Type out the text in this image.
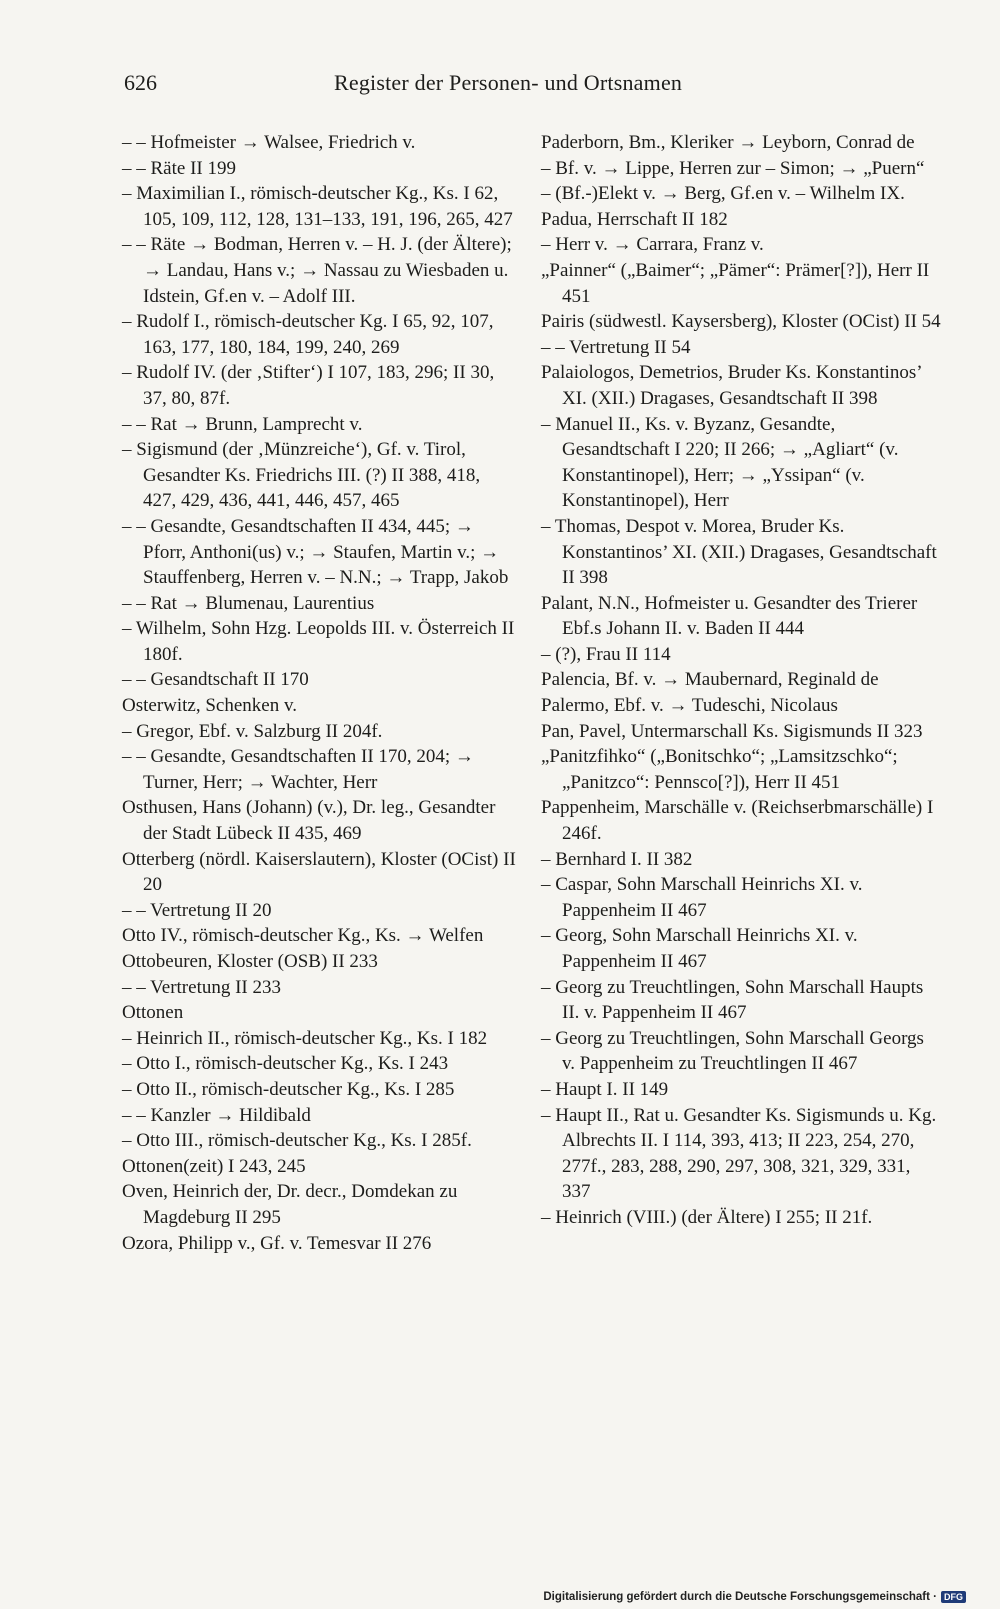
626	Register der Personen- und Ortsnamen
– – Hofmeister → Walsee, Friedrich v.
– – Räte II 199
– Maximilian I., römisch-deutscher Kg., Ks. I 62, 105, 109, 112, 128, 131–133, 191, 196, 265, 427
– – Räte → Bodman, Herren v. – H. J. (der Ältere); → Landau, Hans v.; → Nassau zu Wiesbaden u. Idstein, Gf.en v. – Adolf III.
– Rudolf I., römisch-deutscher Kg. I 65, 92, 107, 163, 177, 180, 184, 199, 240, 269
– Rudolf IV. (der ‚Stifter‘) I 107, 183, 296; II 30, 37, 80, 87f.
– – Rat → Brunn, Lamprecht v.
– Sigismund (der ‚Münzreiche‘), Gf. v. Tirol, Gesandter Ks. Friedrichs III. (?) II 388, 418, 427, 429, 436, 441, 446, 457, 465
– – Gesandte, Gesandtschaften II 434, 445; → Pforr, Anthoni(us) v.; → Staufen, Martin v.; → Stauffenberg, Herren v. – N.N.; → Trapp, Jakob
– – Rat → Blumenau, Laurentius
– Wilhelm, Sohn Hzg. Leopolds III. v. Österreich II 180f.
– – Gesandtschaft II 170
Osterwitz, Schenken v.
– Gregor, Ebf. v. Salzburg II 204f.
– – Gesandte, Gesandtschaften II 170, 204; → Turner, Herr; → Wachter, Herr
Osthusen, Hans (Johann) (v.), Dr. leg., Gesandter der Stadt Lübeck II 435, 469
Otterberg (nördl. Kaiserslautern), Kloster (OCist) II 20
– – Vertretung II 20
Otto IV., römisch-deutscher Kg., Ks. → Welfen
Ottobeuren, Kloster (OSB) II 233
– – Vertretung II 233
Ottonen
– Heinrich II., römisch-deutscher Kg., Ks. I 182
– Otto I., römisch-deutscher Kg., Ks. I 243
– Otto II., römisch-deutscher Kg., Ks. I 285
– – Kanzler → Hildibald
– Otto III., römisch-deutscher Kg., Ks. I 285f.
Ottonen(zeit) I 243, 245
Oven, Heinrich der, Dr. decr., Domdekan zu Magdeburg II 295
Ozora, Philipp v., Gf. v. Temesvar II 276
Paderborn, Bm., Kleriker → Leyborn, Conrad de
– Bf. v. → Lippe, Herren zur – Simon; → „Puern“
– (Bf.-)Elekt v. → Berg, Gf.en v. – Wilhelm IX.
Padua, Herrschaft II 182
– Herr v. → Carrara, Franz v.
„Painner“ („Baimer“; „Pämer“: Prämer[?]), Herr II 451
Pairis (südwestl. Kaysersberg), Kloster (OCist) II 54
– – Vertretung II 54
Palaiologos, Demetrios, Bruder Ks. Konstantinos’ XI. (XII.) Dragases, Gesandtschaft II 398
– Manuel II., Ks. v. Byzanz, Gesandte, Gesandtschaft I 220; II 266; → „Agliart“ (v. Konstantinopel), Herr; → „Yssipan“ (v. Konstantinopel), Herr
– Thomas, Despot v. Morea, Bruder Ks. Konstantinos’ XI. (XII.) Dragases, Gesandtschaft II 398
Palant, N.N., Hofmeister u. Gesandter des Trierer Ebf.s Johann II. v. Baden II 444
– (?), Frau II 114
Palencia, Bf. v. → Maubernard, Reginald de
Palermo, Ebf. v. → Tudeschi, Nicolaus
Pan, Pavel, Untermarschall Ks. Sigismunds II 323
„Panitzfihko“ („Bonitschko“; „Lamsitzschko“; „Panitzco“: Pennsco[?]), Herr II 451
Pappenheim, Marschälle v. (Reichserbmarschälle) I 246f.
– Bernhard I. II 382
– Caspar, Sohn Marschall Heinrichs XI. v. Pappenheim II 467
– Georg, Sohn Marschall Heinrichs XI. v. Pappenheim II 467
– Georg zu Treuchtlingen, Sohn Marschall Haupts II. v. Pappenheim II 467
– Georg zu Treuchtlingen, Sohn Marschall Georgs v. Pappenheim zu Treuchtlingen II 467
– Haupt I. II 149
– Haupt II., Rat u. Gesandter Ks. Sigismunds u. Kg. Albrechts II. I 114, 393, 413; II 223, 254, 270, 277f., 283, 288, 290, 297, 308, 321, 329, 331, 337
– Heinrich (VIII.) (der Ältere) I 255; II 21f.
Digitalisierung gefördert durch die Deutsche Forschungsgemeinschaft · DFG
